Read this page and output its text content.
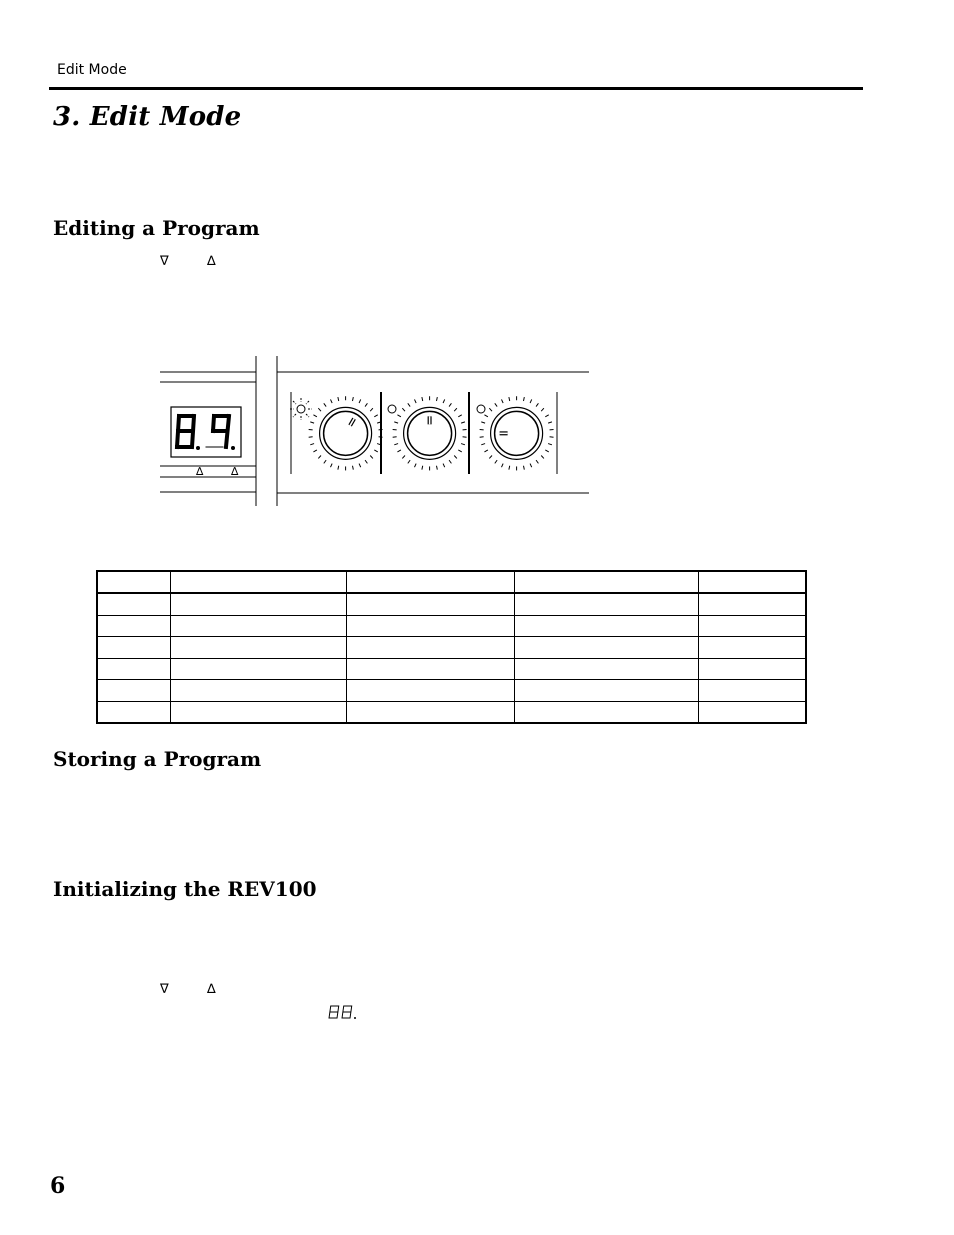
Edit Mode
3. Edit Mode
Editing a Program
∇	∆
∆	∆

Storing a Program
Initializing the REV100
∇	∆
6
